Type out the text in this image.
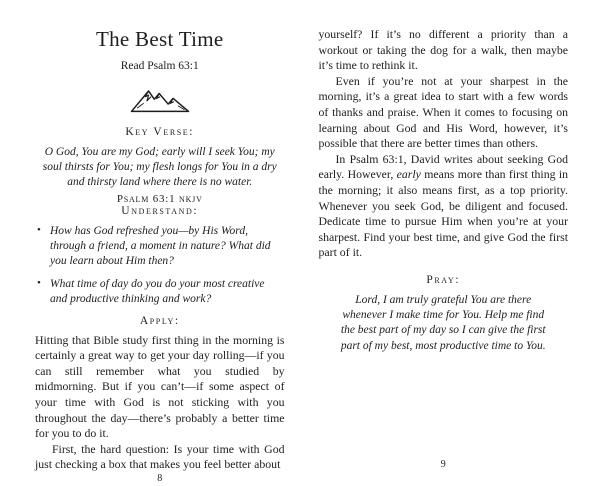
The Best Time
Read Psalm 63:1
Key Verse:
O God, You are my God; early will I seek You; my soul thirsts for You; my flesh longs for You in a dry and thirsty land where there is no water.
Psalm 63:1 nkjv
Understand:
• How has God refreshed you—by His Word, through a friend, a moment in nature? What did you learn about Him then?
• What time of day do you do your most creative and productive thinking and work?
Apply:

Hitting that Bible study first thing in the morning is certainly a great way to get your day rolling—if you can still remember what you studied by midmorning. But if you can’t—if some aspect of your time with God is not sticking with you throughout the day—there’s probably a better time for you to do it.

First, the hard question: Is your time with God just checking a box that makes you feel better about

8

yourself? If it’s no different a priority than a workout or taking the dog for a walk, then maybe it’s time to rethink it.

Even if you’re not at your sharpest in the morning, it’s a great idea to start with a few words of thanks and praise. When it comes to focusing on learning about God and His Word, however, it’s possible that there are better times than others.

In Psalm 63:1, David writes about seeking God early. However, early means more than first thing in the morning; it also means first, as a top priority. Whenever you seek God, be diligent and focused. Dedicate time to pursue Him when you’re at your sharpest. Find your best time, and give God the first part of it.

Pray:
Lord, I am truly grateful You are there whenever I make time for You. Help me find the best part of my day so I can give the first part of my best, most productive time to You.
9
